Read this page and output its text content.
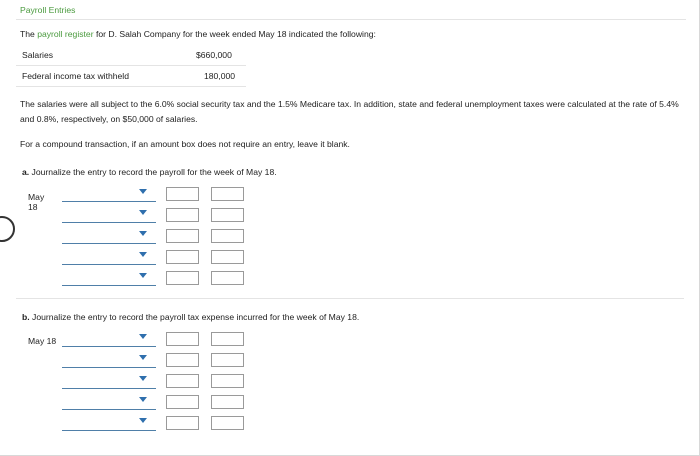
Payroll Entries
The payroll register for D. Salah Company for the week ended May 18 indicated the following:
Salaries	$660,000
Federal income tax withheld	180,000
The salaries were all subject to the 6.0% social security tax and the 1.5% Medicare tax. In addition, state and federal unemployment taxes were calculated at the rate of 5.4% and 0.8%, respectively, on $50,000 of salaries.
For a compound transaction, if an amount box does not require an entry, leave it blank.
a. Journalize the entry to record the payroll for the week of May 18.
May
18
b. Journalize the entry to record the payroll tax expense incurred for the week of May 18.
May 18
